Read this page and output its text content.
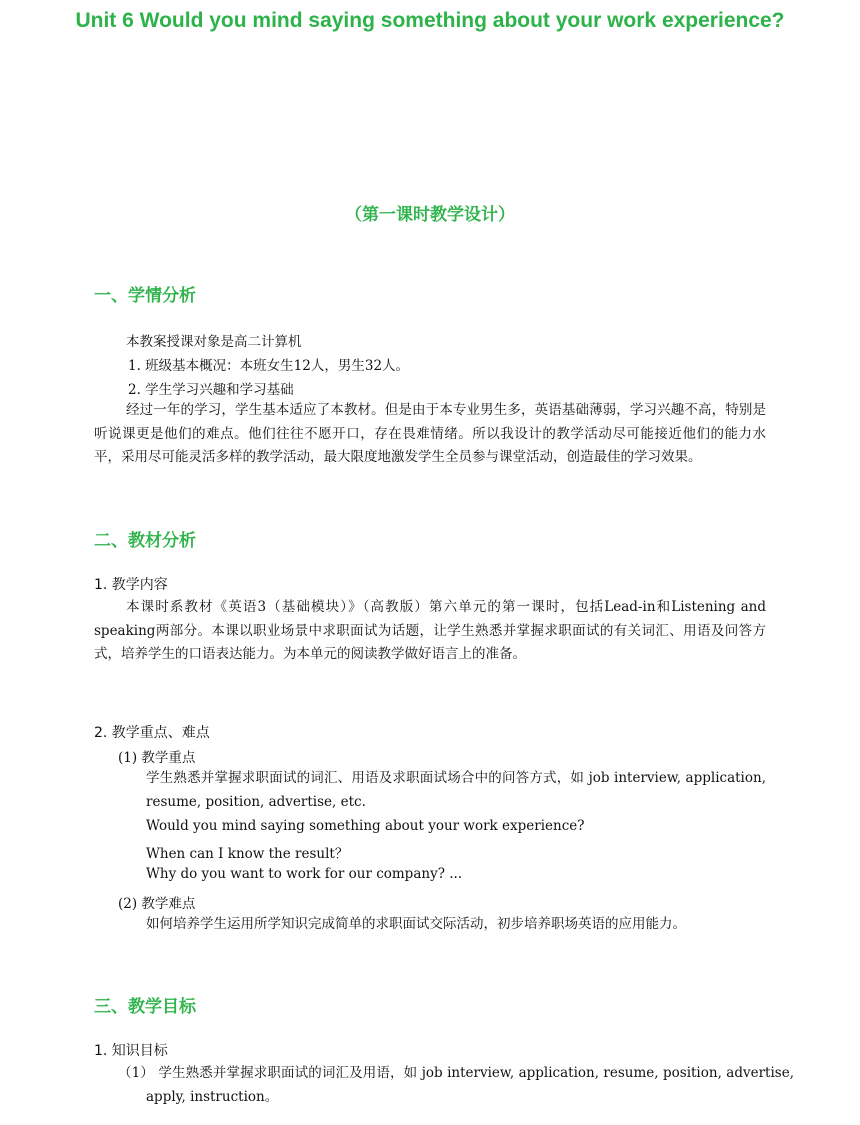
Unit 6 Would you mind saying something about your work experience?

（第一课时教学设计）

一、学情分析

本教案授课对象是高二计算机

1. 班级基本概况：本班女生12人，男生32人。

2. 学生学习兴趣和学习基础

经过一年的学习，学生基本适应了本教材。但是由于本专业男生多，英语基础薄弱，学习兴趣不高，特别是听说课更是他们的难点。他们往往不愿开口，存在畏难情绪。所以我设计的教学活动尽可能接近他们的能力水平，采用尽可能灵活多样的教学活动，最大限度地激发学生全员参与课堂活动，创造最佳的学习效果。

二、教材分析

1. 教学内容

本课时系教材《英语3（基础模块）》（高教版）第六单元的第一课时，包括Lead-in和Listening and speaking两部分。本课以职业场景中求职面试为话题，让学生熟悉并掌握求职面试的有关词汇、用语及问答方式，培养学生的口语表达能力。为本单元的阅读教学做好语言上的准备。

2. 教学重点、难点

(1) 教学重点

学生熟悉并掌握求职面试的词汇、用语及求职面试场合中的问答方式，如 job interview, application, resume, position, advertise, etc.

Would you mind saying something about your work experience?

When can I know the result？

Why do you want to work for our company? ...

(2) 教学难点

如何培养学生运用所学知识完成简单的求职面试交际活动，初步培养职场英语的应用能力。

三、教学目标

1. 知识目标

（1） 学生熟悉并掌握求职面试的词汇及用语，如 job interview, application, resume, position, advertise, apply, instruction。
